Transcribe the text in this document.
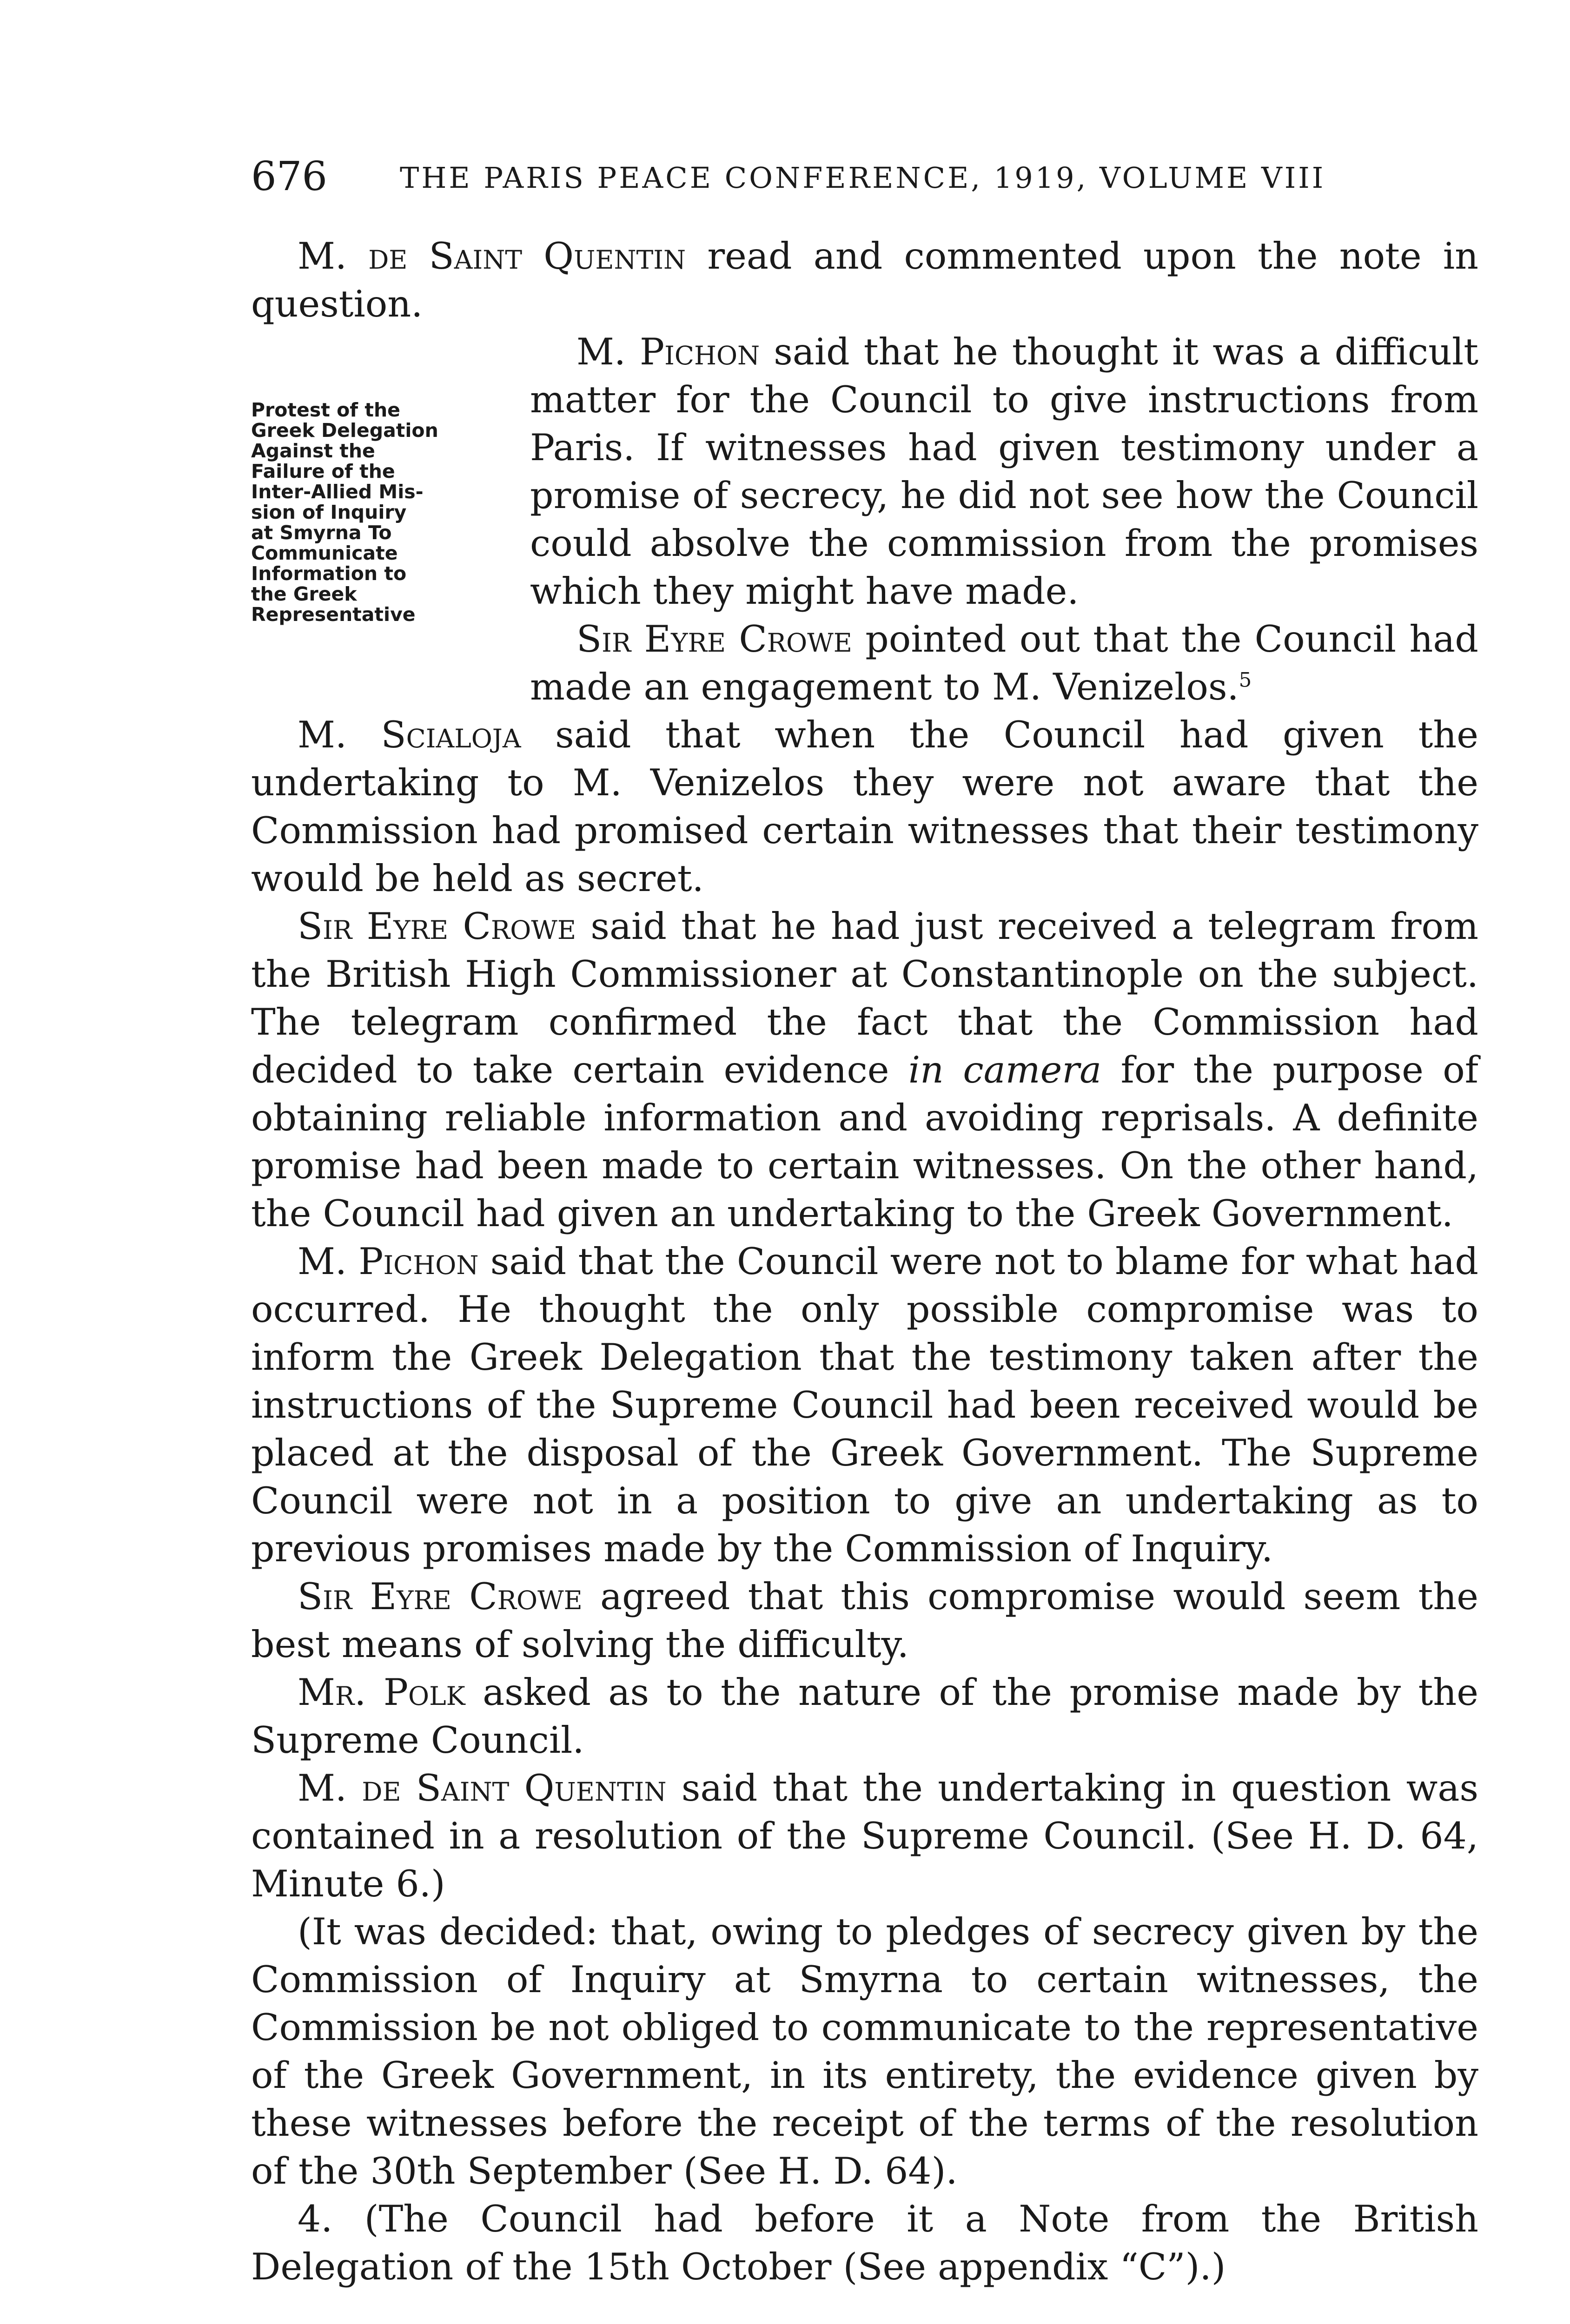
676	THE PARIS PEACE CONFERENCE, 1919, VOLUME VIII
Protest of the
Greek Delegation
Against the
Failure of the
Inter-Allied Mis-
sion of Inquiry
at Smyrna To
Communicate
Information to
the Greek
Representative

M. de Saint Quentin read and commented upon the note in question.

M. Pichon said that he thought it was a difficult matter for the Council to give instructions from Paris. If witnesses had given testimony under a promise of secrecy, he did not see how the Council could absolve the commission from the promises which they might have made.

Sir Eyre Crowe pointed out that the Council had made an engagement to M. Venizelos.$^5$

M. Scialoja said that when the Council had given the undertaking to M. Venizelos they were not aware that the Commission had promised certain witnesses that their testimony would be held as secret.

Sir Eyre Crowe said that he had just received a telegram from the British High Commissioner at Constantinople on the subject. The telegram confirmed the fact that the Commission had decided to take certain evidence in camera for the purpose of obtaining reliable information and avoiding reprisals. A definite promise had been made to certain witnesses. On the other hand, the Council had given an undertaking to the Greek Government.

M. Pichon said that the Council were not to blame for what had occurred. He thought the only possible compromise was to inform the Greek Delegation that the testimony taken after the instructions of the Supreme Council had been received would be placed at the disposal of the Greek Government. The Supreme Council were not in a position to give an undertaking as to previous promises made by the Commission of Inquiry.

Sir Eyre Crowe agreed that this compromise would seem the best means of solving the difficulty.

Mr. Polk asked as to the nature of the promise made by the Supreme Council.

M. de Saint Quentin said that the undertaking in question was contained in a resolution of the Supreme Council. (See H. D. 64, Minute 6.)

(It was decided: that, owing to pledges of secrecy given by the Commission of Inquiry at Smyrna to certain witnesses, the Commission be not obliged to communicate to the representative of the Greek Government, in its entirety, the evidence given by these witnesses before the receipt of the terms of the resolution of the 30th September (See H. D. 64).

4. (The Council had before it a Note from the British Delegation of the 15th October (See appendix “C”).)
